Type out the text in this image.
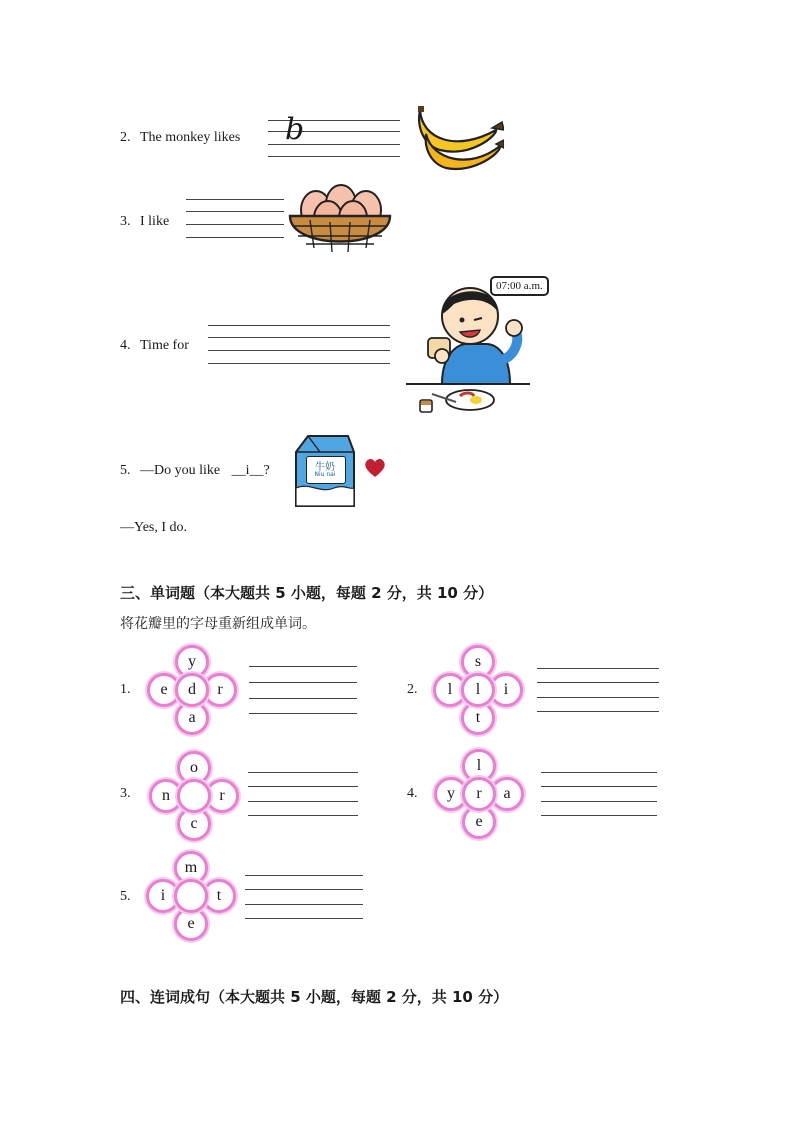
2. The monkey likes b
3. I like
4. Time for
07:00 a.m.
5. —Do you like __i__?	牛奶
Niu nai
—Yes, I do.
三、单词题（本大题共 5 小题，每题 2 分，共 10 分）
将花瓣里的字母重新组成单词。
1.
y
e	r
a
d	2.
s
l	i
t
l
3.
o
n	r
c
4.
l
y	a
e
r
5.
m
i	t
e
四、连词成句（本大题共 5 小题，每题 2 分，共 10 分）
